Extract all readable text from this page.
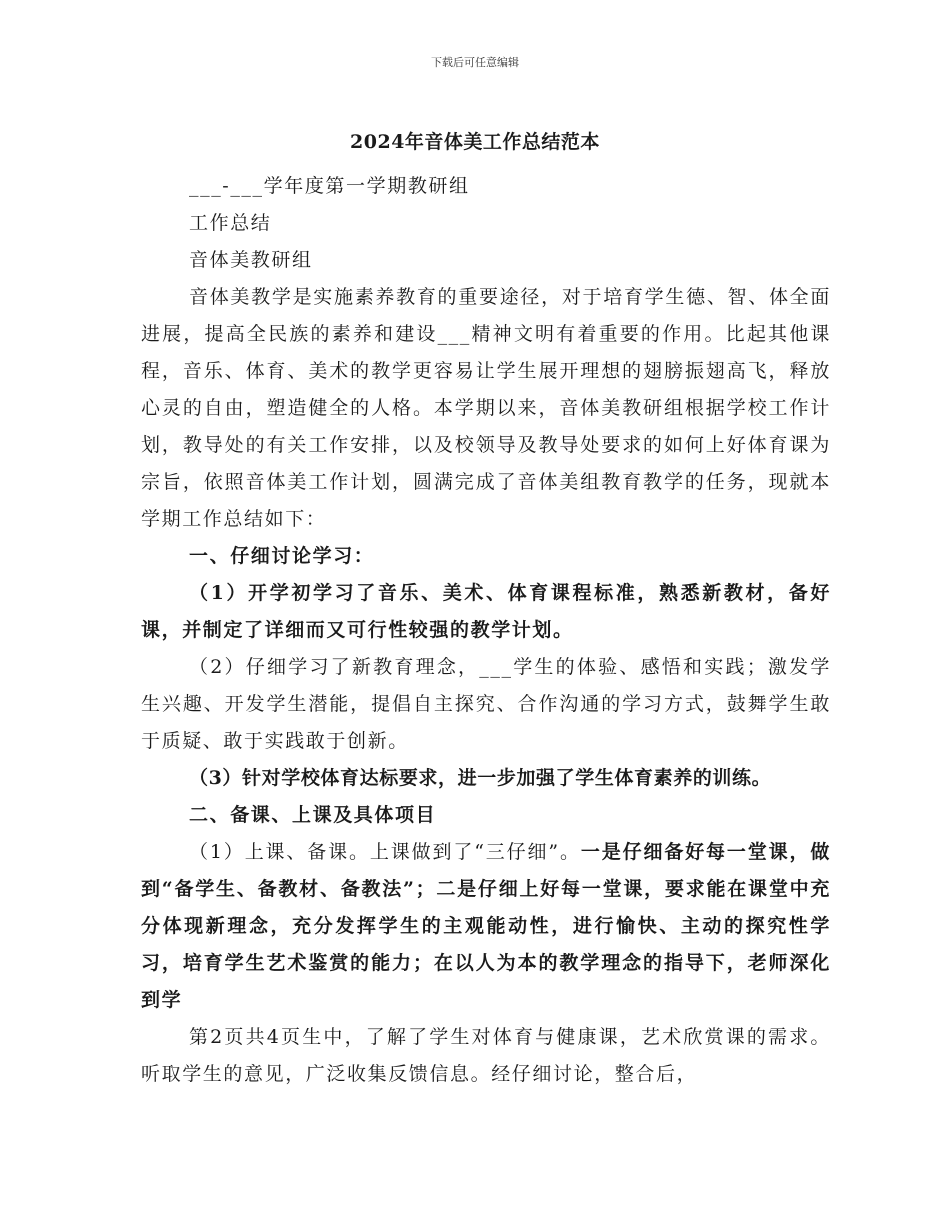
下载后可任意编辑
2024年音体美工作总结范本

___-___学年度第一学期教研组

工作总结

音体美教研组

音体美教学是实施素养教育的重要途径，对于培育学生德、智、体全面进展，提高全民族的素养和建设___精神文明有着重要的作用。比起其他课程，音乐、体育、美术的教学更容易让学生展开理想的翅膀振翅高飞，释放心灵的自由，塑造健全的人格。本学期以来，音体美教研组根据学校工作计划，教导处的有关工作安排，以及校领导及教导处要求的如何上好体育课为宗旨，依照音体美工作计划，圆满完成了音体美组教育教学的任务，现就本学期工作总结如下：

一、仔细讨论学习：

（1）开学初学习了音乐、美术、体育课程标准，熟悉新教材，备好课，并制定了详细而又可行性较强的教学计划。

（2）仔细学习了新教育理念，___学生的体验、感悟和实践；激发学生兴趣、开发学生潜能，提倡自主探究、合作沟通的学习方式，鼓舞学生敢于质疑、敢于实践敢于创新。

（3）针对学校体育达标要求，进一步加强了学生体育素养的训练。

二、备课、上课及具体项目

（1）上课、备课。上课做到了“三仔细”。一是仔细备好每一堂课，做到“备学生、备教材、备教法”；二是仔细上好每一堂课，要求能在课堂中充分体现新理念，充分发挥学生的主观能动性，进行愉快、主动的探究性学习，培育学生艺术鉴赏的能力；在以人为本的教学理念的指导下，老师深化到学

第2页共4页生中，了解了学生对体育与健康课，艺术欣赏课的需求。听取学生的意见，广泛收集反馈信息。经仔细讨论，整合后，
